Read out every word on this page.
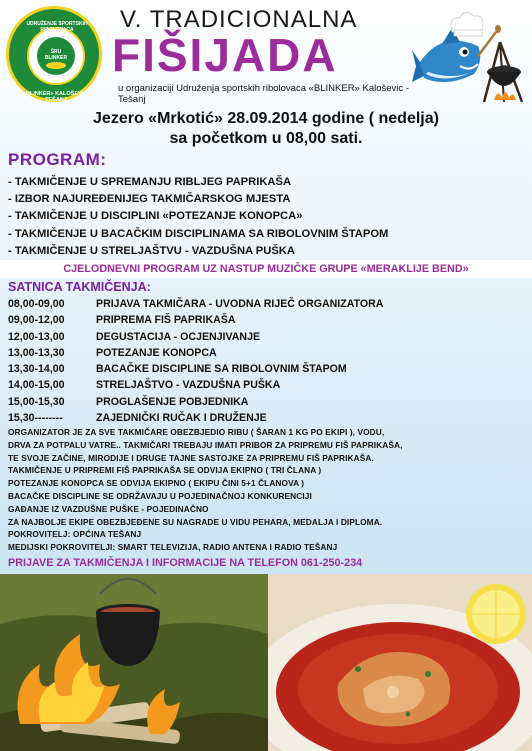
UDRUŽENJE SPORTSKIH RIBOLOVACA
ŠRU BLINKER
«BLINKER» KALOŠEVIĆ-TEŠANJ
V. TRADICIONALNA
FIŠIJADA
u organizaciji Udruženja sportskih ribolovaca «BLINKER» Kaloševic - Tešanj
Jezero «Mrkotić» 28.09.2014 godine ( nedelja)
sa početkom u 08,00 sati.
PROGRAM:
- TAKMIČENJE U SPREMANJU RIBLJEG PAPRIKAŠA
- IZBOR NAJUREĐENIJEG TAKMIČARSKOG MJESTA
- TAKMIČENJE U DISCIPLINI «POTEZANJE KONOPCA»
- TAKMIČENJE U BACAČKIM DISCIPLINAMA SA RIBOLOVNIM ŠTAPOM
- TAKMIČENJE U STRELJAŠTVU - VAZDUŠNA PUŠKA
CJELODNEVNI PROGRAM UZ NASTUP MUZIČKE GRUPE «MERAKLIJE BEND»
SATNICA TAKMIČENJA:
08,00-09,00	PRIJAVA TAKMIČARA - UVODNA RIJEČ ORGANIZATORA
09,00-12,00	PRIPREMA FIŠ PAPRIKAŠA
12,00-13,00	DEGUSTACIJA - OCJENJIVANJE
13,00-13,30	POTEZANJE KONOPCA
13,30-14,00	BACAČKE DISCIPLINE SA RIBOLOVNIM ŠTAPOM
14,00-15,00	STRELJAŠTVO - VAZDUŠNA PUŠKA
15,00-15,30	PROGLAŠENJE POBJEDNIKA
15,30--------	ZAJEDNIČKI RUČAK I DRUŽENJE

ORGANIZATOR JE ZA SVE TAKMIČARE OBEZBJEDIO RIBU ( ŠARAN 1 KG PO EKIPI ), VODU,

DRVA ZA POTPALU VATRE.. TAKMIČARI TREBAJU IMATI PRIBOR ZA PRIPREMU FIŠ PAPRIKAŠA,

TE SVOJE ZAČINE, MIRODIJE I DRUGE TAJNE SASTOJKE ZA PRIPREMU FIŠ PAPRIKAŠA.

TAKMIČENJE U PRIPREMI FIŠ PAPRIKAŠA SE ODVIJA EKIPNO ( TRI ČLANA )

POTEZANJE KONOPCA SE ODVIJA EKIPNO ( EKIPU ČINI 5+1 ČLANOVA )

BACAČKE DISCIPLINE SE ODRŽAVAJU U POJEDINAČNOJ KONKURENCIJI

GAĐANJE IZ VAZDUŠNE PUŠKE - POJEDINAČNO

ZA NAJBOLJE EKIPE OBEZBJEĐENE SU NAGRADE U VIDU PEHARA, MEDALJA I DIPLOMA.

POKROVITELJ: OPĆINA TEŠANJ

MEDIJSKI POKROVITELJI: SMART TELEVIZIJA, RADIO ANTENA I RADIO TEŠANJ

PRIJAVE ZA TAKMIČENJA I INFORMACIJE NA TELEFON 061-250-234
